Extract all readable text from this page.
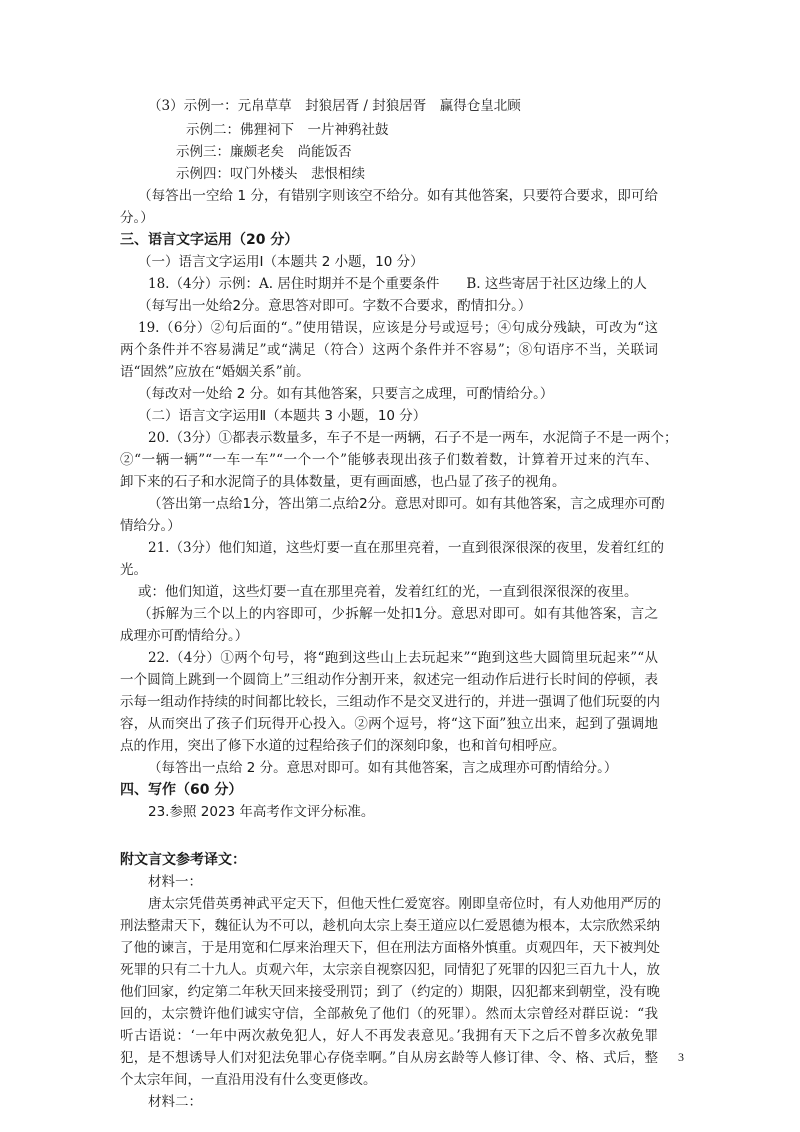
（3）示例一：元帛草草　封狼居胥 / 封狼居胥　赢得仓皇北顾
示例二：佛狸祠下　一片神鸦社鼓
示例三：廉颇老矣　尚能饭否
示例四：叹门外楼头　悲恨相续
（每答出一空给 1 分，有错别字则该空不给分。如有其他答案，只要符合要求，即可给
分。）
三、语言文字运用（20 分）
（一）语言文字运用Ⅰ（本题共 2 小题，10 分）
18.（4分）示例：A. 居住时期并不是个重要条件　　B. 这些寄居于社区边缘上的人
（每写出一处给2分。意思答对即可。字数不合要求，酌情扣分。）
19.（6分）②句后面的“。”使用错误，应该是分号或逗号；④句成分残缺，可改为“这
两个条件并不容易满足”或“满足（符合）这两个条件并不容易”；⑧句语序不当，关联词
语“固然”应放在“婚姻关系”前。
（每改对一处给 2 分。如有其他答案，只要言之成理，可酌情给分。）
（二）语言文字运用Ⅱ（本题共 3 小题，10 分）
20.（3分）①都表示数量多，车子不是一两辆，石子不是一两车，水泥筒子不是一两个；
②“一辆一辆”“一车一车”“一个一个”能够表现出孩子们数着数，计算着开过来的汽车、
卸下来的石子和水泥筒子的具体数量，更有画面感，也凸显了孩子的视角。
（答出第一点给1分，答出第二点给2分。意思对即可。如有其他答案，言之成理亦可酌
情给分。）
21.（3分）他们知道，这些灯要一直在那里亮着，一直到很深很深的夜里，发着红红的
光。
或：他们知道，这些灯要一直在那里亮着，发着红红的光，一直到很深很深的夜里。
（拆解为三个以上的内容即可，少拆解一处扣1分。意思对即可。如有其他答案，言之
成理亦可酌情给分。）
22.（4分）①两个句号，将“跑到这些山上去玩起来”“跑到这些大圆筒里玩起来”“从
一个圆筒上跳到一个圆筒上”三组动作分割开来，叙述完一组动作后进行长时间的停顿，表
示每一组动作持续的时间都比较长，三组动作不是交叉进行的，并进一强调了他们玩耍的内
容，从而突出了孩子们玩得开心投入。②两个逗号，将“这下面”独立出来，起到了强调地
点的作用，突出了修下水道的过程给孩子们的深刻印象，也和首句相呼应。
（每答出一点给 2 分。意思对即可。如有其他答案，言之成理亦可酌情给分。）
四、写作（60 分）
23.参照 2023 年高考作文评分标准。
附文言文参考译文：
材料一：
唐太宗凭借英勇神武平定天下，但他天性仁爱宽容。刚即皇帝位时，有人劝他用严厉的
刑法整肃天下，魏征认为不可以，趁机向太宗上奏王道应以仁爱恩德为根本，太宗欣然采纳
了他的谏言，于是用宽和仁厚来治理天下，但在刑法方面格外慎重。贞观四年，天下被判处
死罪的只有二十九人。贞观六年，太宗亲自视察囚犯，同情犯了死罪的囚犯三百九十人，放
他们回家，约定第二年秋天回来接受刑罚；到了（约定的）期限，囚犯都来到朝堂，没有晚
回的，太宗赞许他们诚实守信，全部赦免了他们（的死罪）。然而太宗曾经对群臣说：“我
听古语说：‘一年中两次赦免犯人，好人不再发表意见。’我拥有天下之后不曾多次赦免罪
犯，是不想诱导人们对犯法免罪心存侥幸啊。”自从房玄龄等人修订律、令、格、式后，整
个太宗年间，一直沿用没有什么变更修改。
材料二：
3
